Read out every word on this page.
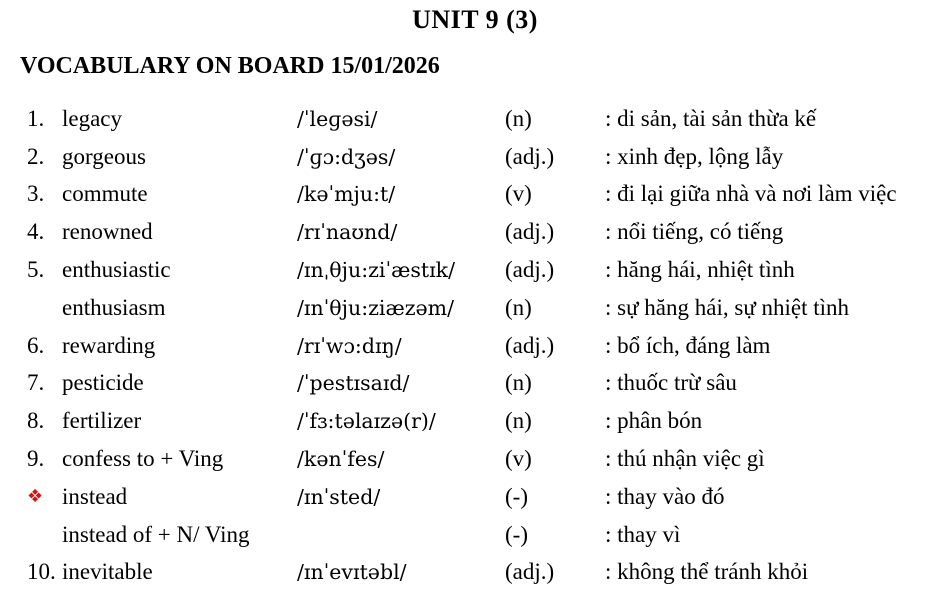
UNIT 9 (3)
VOCABULARY ON BOARD 15/01/2026
1. legacy	/ˈleɡəsi/	(n)	: di sản, tài sản thừa kế
2. gorgeous	/ˈɡɔ:dʒəs/	(adj.)	: xinh đẹp, lộng lẫy
3. commute	/kəˈmju:t/	(v)	: đi lại giữa nhà và nơi làm việc
4. renowned	/rɪˈnaʊnd/	(adj.)	: nổi tiếng, có tiếng
5. enthusiastic	/ɪnˌθju:ziˈæstɪk/	(adj.)	: hăng hái, nhiệt tình
enthusiasm	/ɪnˈθju:ziæzəm/	(n)	: sự hăng hái, sự nhiệt tình
6. rewarding	/rɪˈwɔ:dɪŋ/	(adj.)	: bổ ích, đáng làm
7. pesticide	/ˈpestɪsaɪd/	(n)	: thuốc trừ sâu
8. fertilizer	/ˈfɜ:təlaɪzə(r)/	(n)	: phân bón
9. confess to + Ving	/kənˈfes/	(v)	: thú nhận việc gì
❖ instead	/ɪnˈsted/	(-)	: thay vào đó
instead of + N/ Ving	(-)	: thay vì
10. inevitable	/ɪnˈevɪtəbl/	(adj.)	: không thể tránh khỏi
